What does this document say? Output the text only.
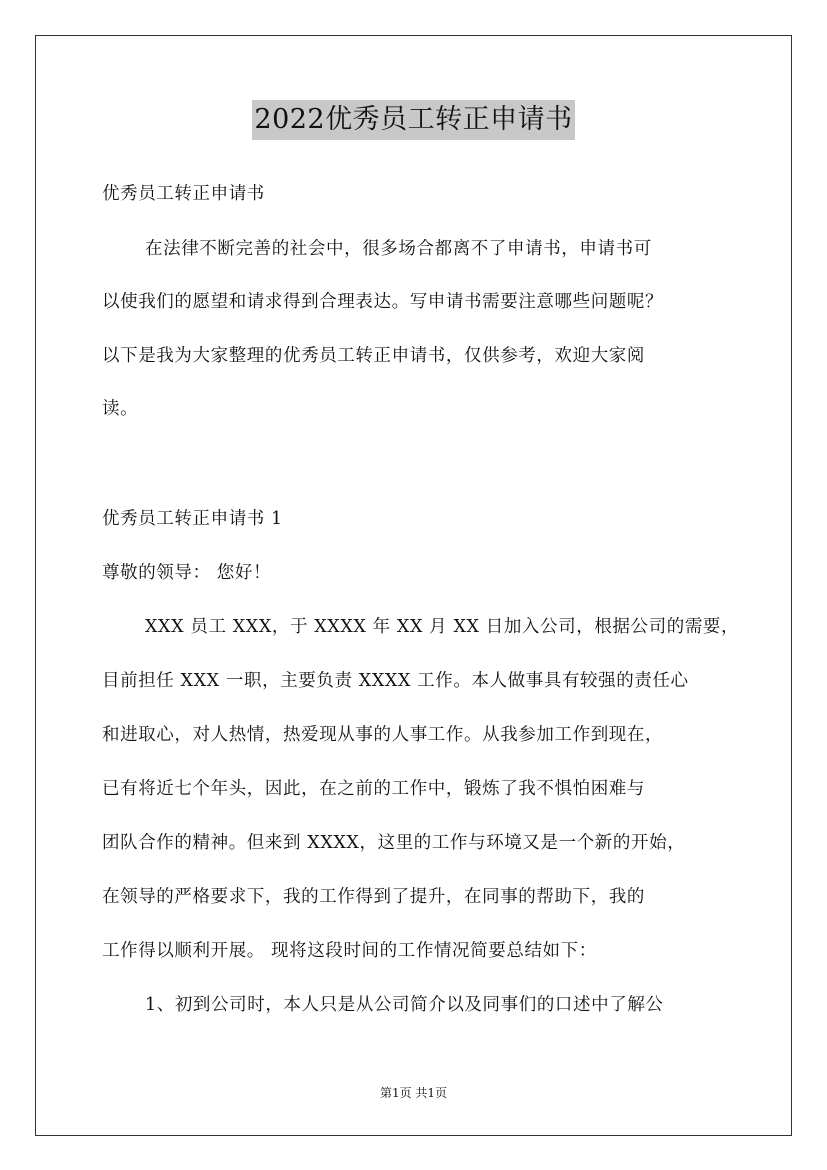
2022优秀员工转正申请书
优秀员工转正申请书
在法律不断完善的社会中，很多场合都离不了申请书，申请书可
以使我们的愿望和请求得到合理表达。写申请书需要注意哪些问题呢？
以下是我为大家整理的优秀员工转正申请书，仅供参考，欢迎大家阅
读。
优秀员工转正申请书 1
尊敬的领导： 您好！
XXX 员工 XXX，于 XXXX 年 XX 月 XX 日加入公司，根据公司的需要，
目前担任 XXX 一职，主要负责 XXXX 工作。本人做事具有较强的责任心
和进取心，对人热情，热爱现从事的人事工作。从我参加工作到现在，
已有将近七个年头，因此，在之前的工作中，锻炼了我不惧怕困难与
团队合作的精神。但来到 XXXX，这里的工作与环境又是一个新的开始，
在领导的严格要求下，我的工作得到了提升，在同事的帮助下，我的
工作得以顺利开展。 现将这段时间的工作情况简要总结如下：
1、初到公司时，本人只是从公司简介以及同事们的口述中了解公
第1页 共1页
